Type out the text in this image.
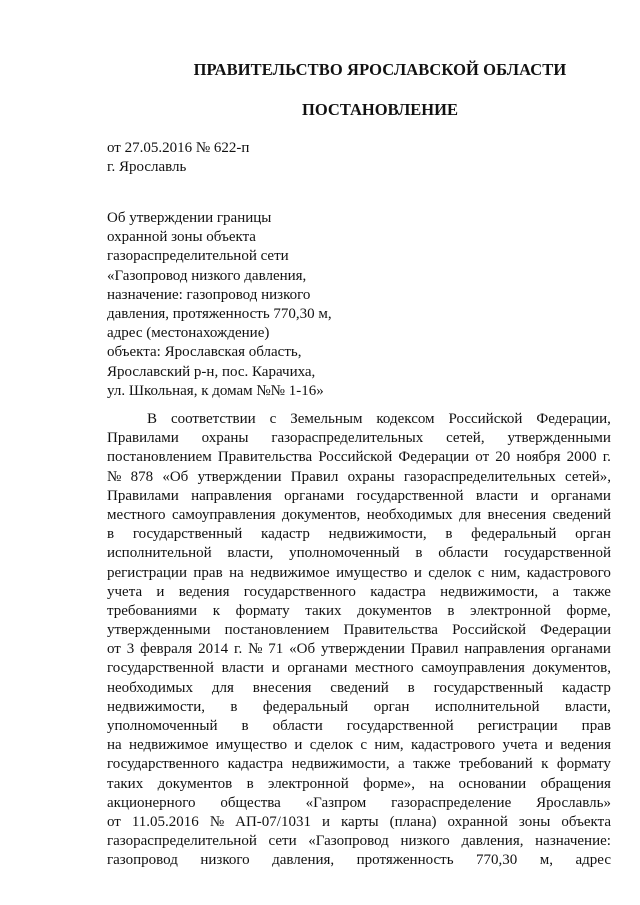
ПРАВИТЕЛЬСТВО ЯРОСЛАВСКОЙ ОБЛАСТИ
ПОСТАНОВЛЕНИЕ
от 27.05.2016 № 622-п
г. Ярославль
Об утверждении границы
охранной зоны объекта
газораспределительной сети
«Газопровод низкого давления,
назначение: газопровод низкого
давления, протяженность 770,30 м,
адрес (местонахождение)
объекта: Ярославская область,
Ярославский р-н, пос. Карачиха,
ул. Школьная, к домам №№ 1-16»
В соответствии с Земельным кодексом Российской Федерации,
Правилами охраны газораспределительных сетей, утвержденными
постановлением Правительства Российской Федерации от 20 ноября 2000 г.
№ 878 «Об утверждении Правил охраны газораспределительных сетей»,
Правилами направления органами государственной власти и органами
местного самоуправления документов, необходимых для внесения сведений
в государственный кадастр недвижимости, в федеральный орган
исполнительной власти, уполномоченный в области государственной
регистрации прав на недвижимое имущество и сделок с ним, кадастрового
учета и ведения государственного кадастра недвижимости, а также
требованиями к формату таких документов в электронной форме,
утвержденными постановлением Правительства Российской Федерации
от 3 февраля 2014 г. № 71 «Об утверждении Правил направления органами
государственной власти и органами местного самоуправления документов,
необходимых для внесения сведений в государственный кадастр
недвижимости, в федеральный орган исполнительной власти,
уполномоченный в области государственной регистрации прав
на недвижимое имущество и сделок с ним, кадастрового учета и ведения
государственного кадастра недвижимости, а также требований к формату
таких документов в электронной форме», на основании обращения
акционерного общества «Газпром газораспределение Ярославль»
от 11.05.2016 № АП-07/1031 и карты (плана) охранной зоны объекта
газораспределительной сети «Газопровод низкого давления, назначение:
газопровод низкого давления, протяженность 770,30 м, адрес
